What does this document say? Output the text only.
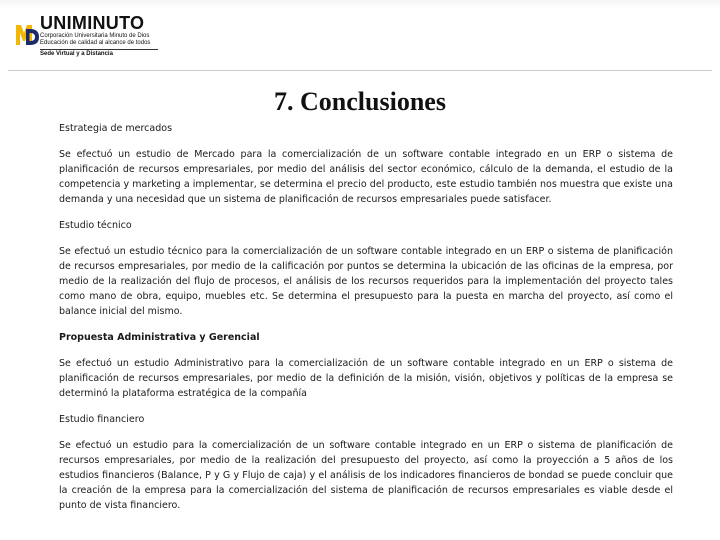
UNIMINUTO
Corporación Universitaria Minuto de Dios
Educación de calidad al alcance de todos
Sede Virtual y a Distancia
7. Conclusiones

Estrategia de mercados

Se efectuó un estudio de Mercado para la comercialización de un software contable integrado en un ERP o sistema de planificación de recursos empresariales, por medio del análisis del sector económico, cálculo de la demanda, el estudio de la competencia y marketing a implementar, se determina el precio del producto, este estudio también nos muestra que existe una demanda y una necesidad que un sistema de planificación de recursos empresariales puede satisfacer.

Estudio técnico

Se efectuó un estudio técnico para la comercialización de un software contable integrado en un ERP o sistema de planificación de recursos empresariales, por medio de la calificación por puntos se determina la ubicación de las oficinas de la empresa, por medio de la realización del flujo de procesos, el análisis de los recursos requeridos para la implementación del proyecto tales como mano de obra, equipo, muebles etc. Se determina el presupuesto para la puesta en marcha del proyecto, así como el balance inicial del mismo.

Propuesta Administrativa y Gerencial

Se efectuó un estudio Administrativo para la comercialización de un software contable integrado en un ERP o sistema de planificación de recursos empresariales, por medio de la definición de la misión, visión, objetivos y políticas de la empresa se determinó la plataforma estratégica de la compañía

Estudio financiero

Se efectuó un estudio para la comercialización de un software contable integrado en un ERP o sistema de planificación de recursos empresariales, por medio de la realización del presupuesto del proyecto, así como la proyección a 5 años de los estudios financieros (Balance, P y G y Flujo de caja) y el análisis de los indicadores financieros de bondad se puede concluir que la creación de la empresa para la comercialización del sistema de planificación de recursos empresariales es viable desde el punto de vista financiero.
